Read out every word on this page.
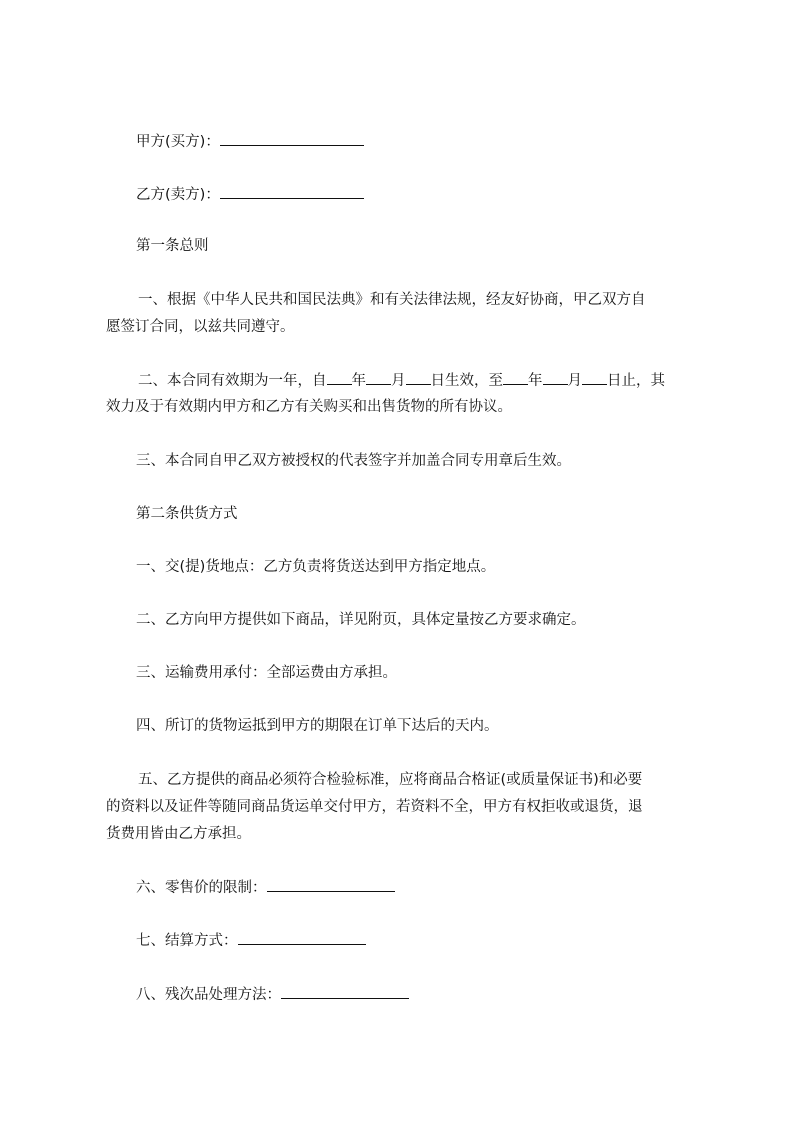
甲方(买方)：
乙方(卖方)：
第一条总则
一、根据《中华人民共和国民法典》和有关法律法规，经友好协商，甲乙双方自
愿签订合同，以兹共同遵守。
二、本合同有效期为一年，自 年 月 日生效，至 年 月 日止，其
效力及于有效期内甲方和乙方有关购买和出售货物的所有协议。
三、本合同自甲乙双方被授权的代表签字并加盖合同专用章后生效。
第二条供货方式
一、交(提)货地点：乙方负责将货送达到甲方指定地点。
二、乙方向甲方提供如下商品，详见附页，具体定量按乙方要求确定。
三、运输费用承付：全部运费由方承担。
四、所订的货物运抵到甲方的期限在订单下达后的天内。
五、乙方提供的商品必须符合检验标准，应将商品合格证(或质量保证书)和必要
的资料以及证件等随同商品货运单交付甲方，若资料不全，甲方有权拒收或退货，退
货费用皆由乙方承担。
六、零售价的限制：
七、结算方式：
八、残次品处理方法：
